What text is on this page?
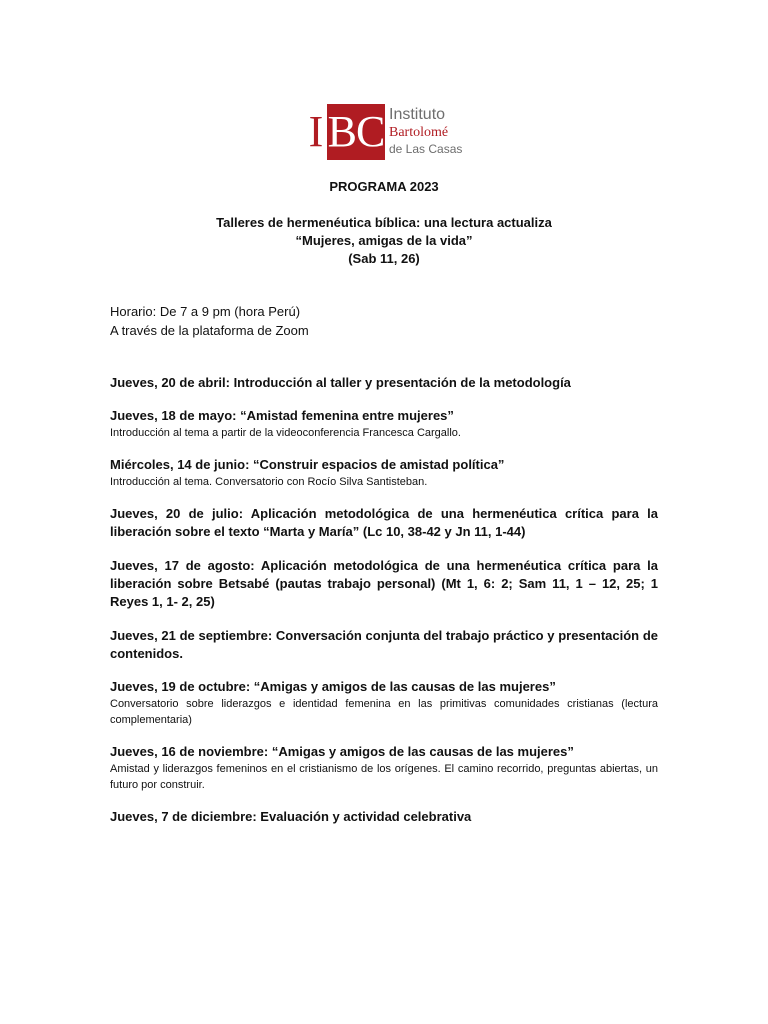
I BC Instituto
Bartolomé
de Las Casas
PROGRAMA 2023
Talleres de hermenéutica bíblica: una lectura actualiza
“Mujeres, amigas de la vida”
(Sab 11, 26)
Horario: De 7 a 9 pm (hora Perú)
A través de la plataforma de Zoom
Jueves, 20 de abril: Introducción al taller y presentación de la metodología
Jueves, 18 de mayo: “Amistad femenina entre mujeres”
Introducción al tema a partir de la videoconferencia Francesca Cargallo.
Miércoles, 14 de junio: “Construir espacios de amistad política”
Introducción al tema. Conversatorio con Rocío Silva Santisteban.
Jueves, 20 de julio: Aplicación metodológica de una hermenéutica crítica para la liberación sobre el texto “Marta y María” (Lc 10, 38-42 y Jn 11, 1-44)
Jueves, 17 de agosto: Aplicación metodológica de una hermenéutica crítica para la liberación sobre Betsabé (pautas trabajo personal) (Mt 1, 6: 2; Sam 11, 1 – 12, 25; 1 Reyes 1, 1- 2, 25)
Jueves, 21 de septiembre: Conversación conjunta del trabajo práctico y presentación de contenidos.
Jueves, 19 de octubre: “Amigas y amigos de las causas de las mujeres”
Conversatorio sobre liderazgos e identidad femenina en las primitivas comunidades cristianas (lectura complementaria)
Jueves, 16 de noviembre: “Amigas y amigos de las causas de las mujeres”
Amistad y liderazgos femeninos en el cristianismo de los orígenes. El camino recorrido, preguntas abiertas, un futuro por construir.
Jueves, 7 de diciembre: Evaluación y actividad celebrativa
